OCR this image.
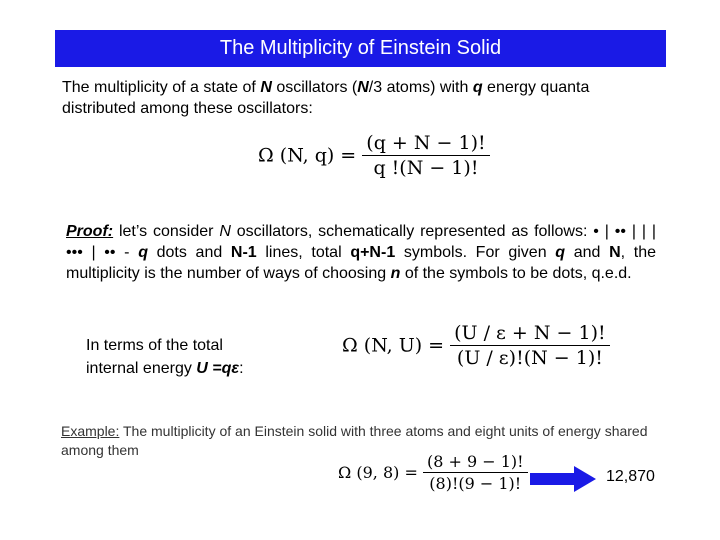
The Multiplicity of Einstein Solid
The multiplicity of a state of N oscillators (N/3 atoms) with q energy quanta distributed among these oscillators:
Ω (N, $q) = \frac{(q + N - 1)!}{q !(N - 1)!}$
Proof: let’s consider N oscillators, schematically represented as follows: • | •• | | | ••• | •• - q dots and N-1 lines, total q+N-1 symbols. For given q and N, the multiplicity is the number of ways of choosing n of the symbols to be dots, q.e.d.
In terms of the total
internal energy U =qε:
Ω (N, $U) = \frac{(U / \varepsilon + N - 1)!}{(U / \varepsilon)!(N - 1)!}$
Example: The multiplicity of an Einstein solid with three atoms and eight units of energy shared among them
Ω (9, $8) = \frac{(8 + 9 - 1)!}{(8)!(9 - 1)!}$	12,870
